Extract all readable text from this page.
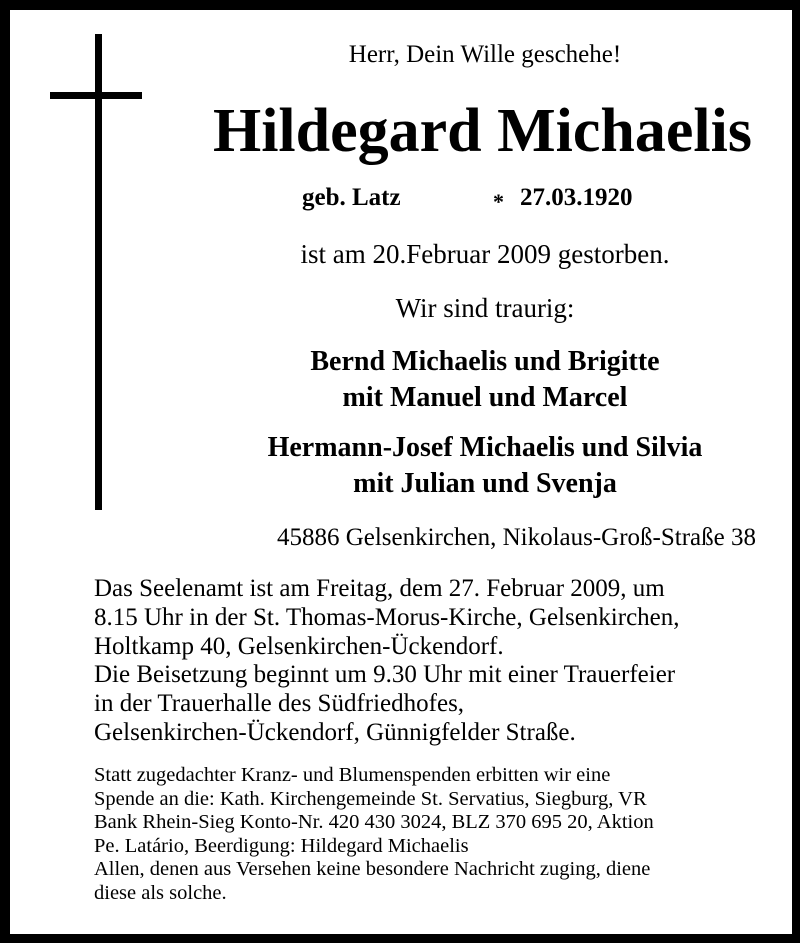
Herr, Dein Wille geschehe!
Hildegard Michaelis
geb. Latz	* 27.03.1920
ist am 20.Februar 2009 gestorben.
Wir sind traurig:
Bernd Michaelis und Brigitte
mit Manuel und Marcel
Hermann-Josef Michaelis und Silvia
mit Julian und Svenja
45886 Gelsenkirchen, Nikolaus-Groß-Straße 38
Das Seelenamt ist am Freitag, dem 27. Februar 2009, um
8.15 Uhr in der St. Thomas-Morus-Kirche, Gelsenkirchen,
Holtkamp 40, Gelsenkirchen-Ückendorf.
Die Beisetzung beginnt um 9.30 Uhr mit einer Trauerfeier
in der Trauerhalle des Südfriedhofes,
Gelsenkirchen-Ückendorf, Günnigfelder Straße.
Statt zugedachter Kranz- und Blumenspenden erbitten wir eine
Spende an die: Kath. Kirchengemeinde St. Servatius, Siegburg, VR
Bank Rhein-Sieg Konto-Nr. 420 430 3024, BLZ 370 695 20, Aktion
Pe. Latário, Beerdigung: Hildegard Michaelis
Allen, denen aus Versehen keine besondere Nachricht zuging, diene
diese als solche.
